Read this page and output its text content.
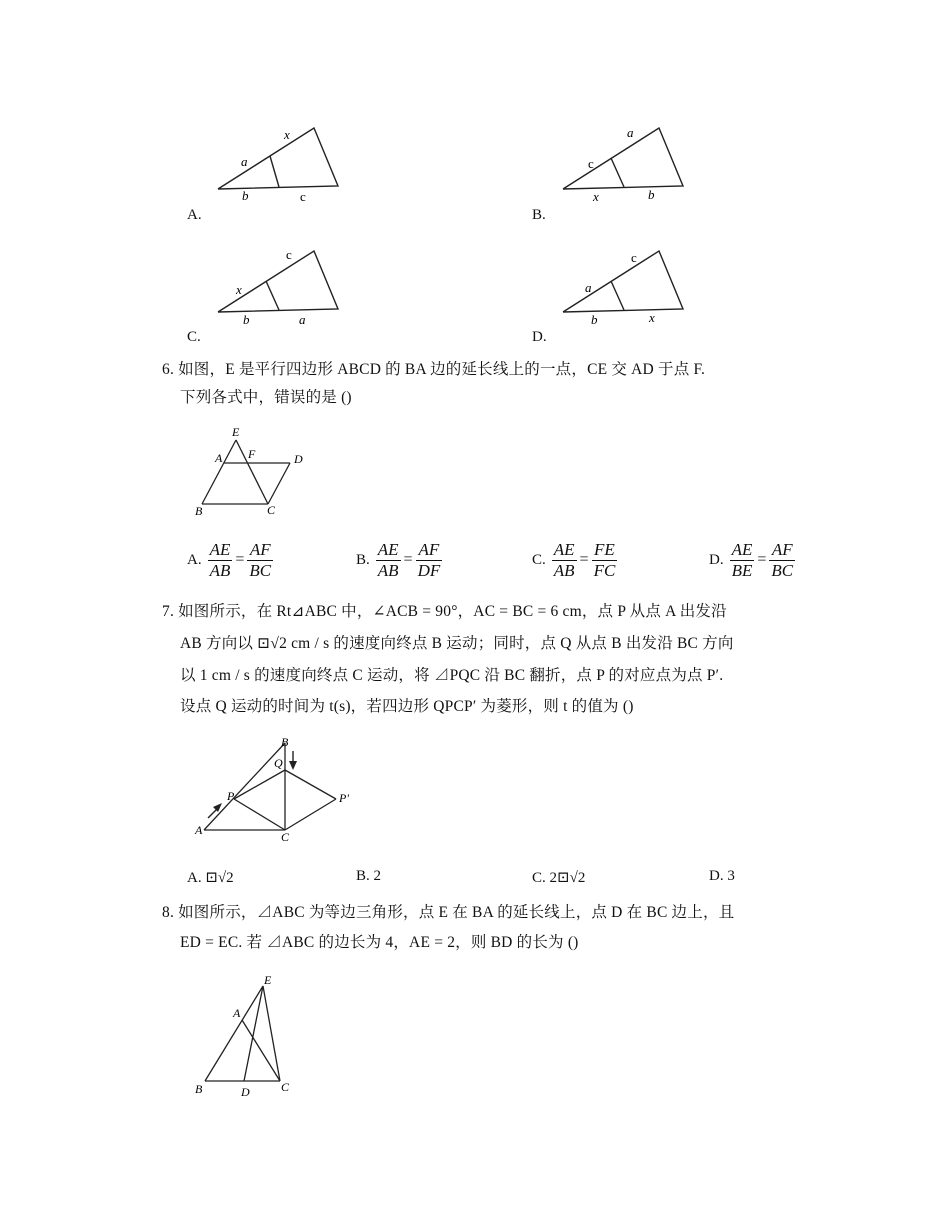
x
a
b	c
A.
a
c
x	b
B.
c
x
b	a
C.
c
a
b	x
D.
6. 如图，E 是平行四边形 ABCD 的 BA 边的延长线上的一点，CE 交 AD 于点 F.
下列各式中，错误的是 ()
E
A F	D
B	C
A. $\frac{AE}{AB} = \frac{AF}{BC}$	B. $\frac{AE}{AB} = \frac{AF}{DF}$	C. $\frac{AE}{AB} = \frac{FE}{FC}$	D. $\frac{AE}{BE} = \frac{AF}{BC}$
7. 如图所示，在 Rt⊿ABC 中，∠ACB = 90°，AC = BC = 6 cm，点 P 从点 A 出发沿
AB 方向以 ⊡√2 cm / s 的速度向终点 B 运动；同时，点 Q 从点 B 出发沿 BC 方向
以 1 cm / s 的速度向终点 C 运动，将 ⊿PQC 沿 BC 翻折，点 P 的对应点为点 P′.
设点 Q 运动的时间为 t(s)，若四边形 QPCP′ 为菱形，则 t 的值为 ()
B
Q
P	P'
A	C
A. ⊡√2	B. 2	C. 2⊡√2	D. 3
8. 如图所示，⊿ABC 为等边三角形，点 E 在 BA 的延长线上，点 D 在 BC 边上，且
ED = EC. 若 ⊿ABC 的边长为 4，AE = 2，则 BD 的长为 ()
E
A
B	D	C
